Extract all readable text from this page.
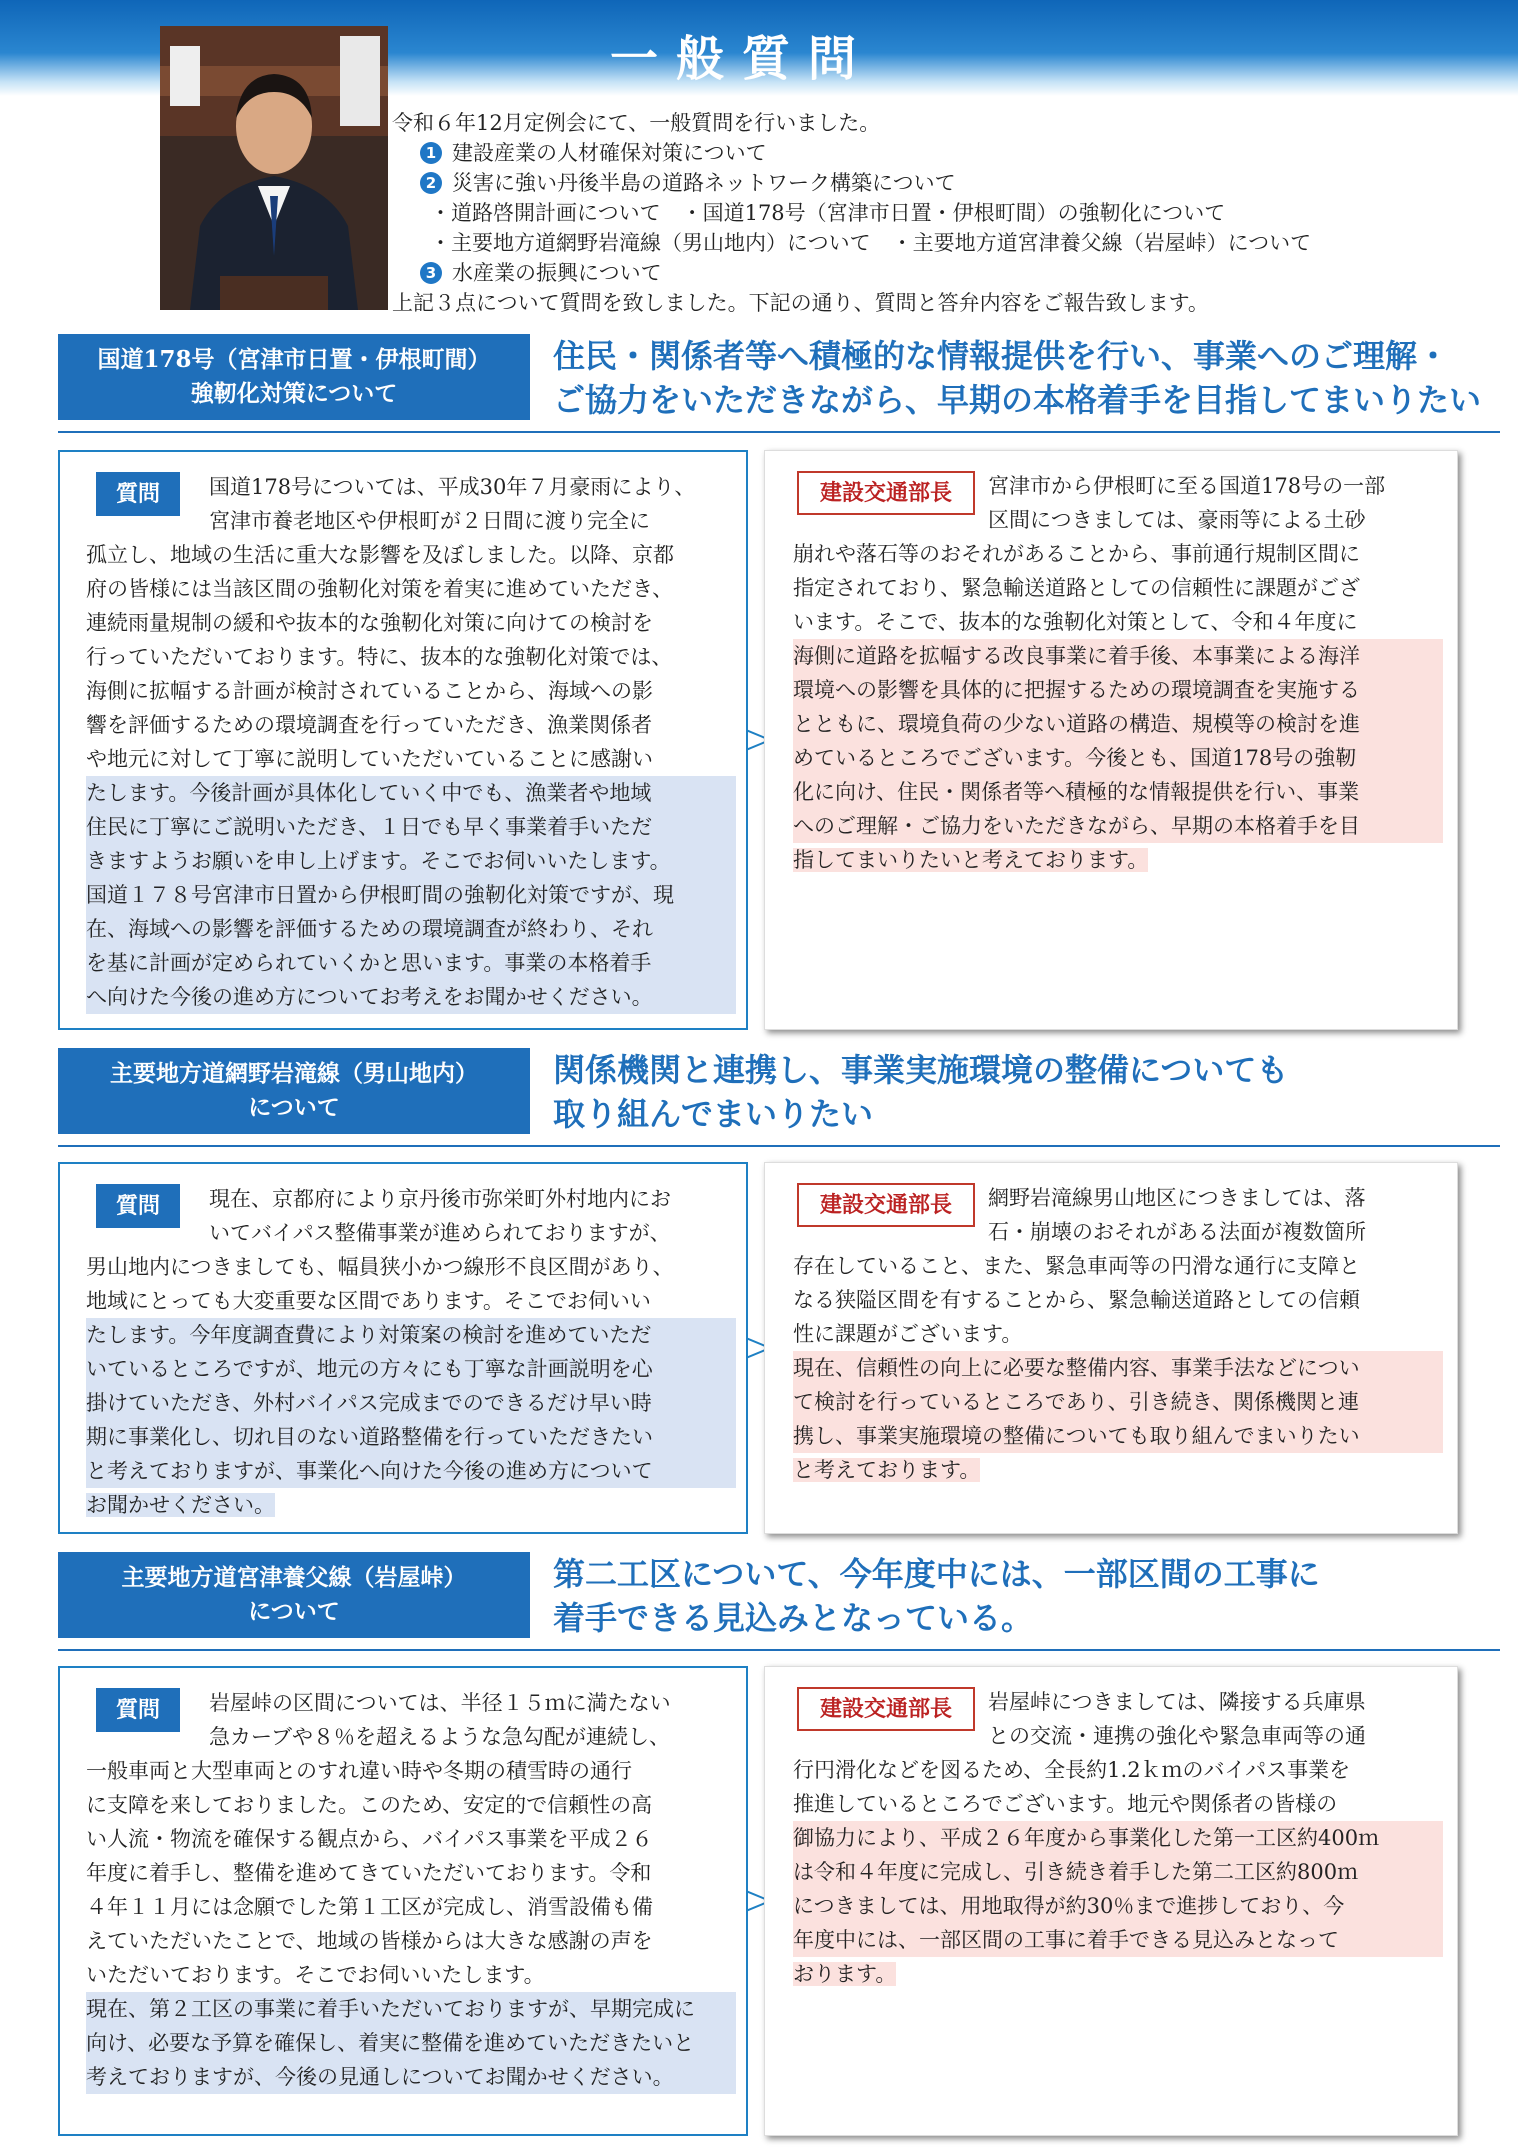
一般質問
令和６年12月定例会にて、一般質問を行いました。
1 建設産業の人材確保対策について
2 災害に強い丹後半島の道路ネットワーク構築について
・道路啓開計画について　・国道178号（宮津市日置・伊根町間）の強靭化について
・主要地方道網野岩滝線（男山地内）について　・主要地方道宮津養父線（岩屋峠）について
3 水産業の振興について
上記３点について質問を致しました。下記の通り、質問と答弁内容をご報告致します。
国道178号（宮津市日置・伊根町間）
強靭化対策について
住民・関係者等へ積極的な情報提供を行い、事業へのご理解・
ご協力をいただきながら、早期の本格着手を目指してまいりたい
質問	国道178号については、平成30年７月豪雨により、
宮津市養老地区や伊根町が２日間に渡り完全に
孤立し、地域の生活に重大な影響を及ぼしました。以降、京都
府の皆様には当該区間の強靭化対策を着実に進めていただき、
連続雨量規制の緩和や抜本的な強靭化対策に向けての検討を
行っていただいております。特に、抜本的な強靭化対策では、
海側に拡幅する計画が検討されていることから、海域への影
響を評価するための環境調査を行っていただき、漁業関係者
や地元に対して丁寧に説明していただいていることに感謝い
たします。今後計画が具体化していく中でも、漁業者や地域
住民に丁寧にご説明いただき、１日でも早く事業着手いただ
きますようお願いを申し上げます。そこでお伺いいたします。
国道１７８号宮津市日置から伊根町間の強靭化対策ですが、現
在、海域への影響を評価するための環境調査が終わり、それ
を基に計画が定められていくかと思います。事業の本格着手
へ向けた今後の進め方についてお考えをお聞かせください。
建設交通部長	宮津市から伊根町に至る国道178号の一部
区間につきましては、豪雨等による土砂
崩れや落石等のおそれがあることから、事前通行規制区間に
指定されており、緊急輸送道路としての信頼性に課題がござ
います。そこで、抜本的な強靭化対策として、令和４年度に
海側に道路を拡幅する改良事業に着手後、本事業による海洋
環境への影響を具体的に把握するための環境調査を実施する
とともに、環境負荷の少ない道路の構造、規模等の検討を進
めているところでございます。今後とも、国道178号の強靭
化に向け、住民・関係者等へ積極的な情報提供を行い、事業
へのご理解・ご協力をいただきながら、早期の本格着手を目
指してまいりたいと考えております。
主要地方道網野岩滝線（男山地内）
について
関係機関と連携し、事業実施環境の整備についても
取り組んでまいりたい
質問	現在、京都府により京丹後市弥栄町外村地内にお
いてバイパス整備事業が進められておりますが、
男山地内につきましても、幅員狭小かつ線形不良区間があり、
地域にとっても大変重要な区間であります。そこでお伺いい
たします。今年度調査費により対策案の検討を進めていただ
いているところですが、地元の方々にも丁寧な計画説明を心
掛けていただき、外村バイパス完成までのできるだけ早い時
期に事業化し、切れ目のない道路整備を行っていただきたい
と考えておりますが、事業化へ向けた今後の進め方について
お聞かせください。
建設交通部長	網野岩滝線男山地区につきましては、落
石・崩壊のおそれがある法面が複数箇所
存在していること、また、緊急車両等の円滑な通行に支障と
なる狭隘区間を有することから、緊急輸送道路としての信頼
性に課題がございます。
現在、信頼性の向上に必要な整備内容、事業手法などについ
て検討を行っているところであり、引き続き、関係機関と連
携し、事業実施環境の整備についても取り組んでまいりたい
と考えております。
主要地方道宮津養父線（岩屋峠）
について
第二工区について、今年度中には、一部区間の工事に
着手できる見込みとなっている。
質問	岩屋峠の区間については、半径１５ｍに満たない
急カーブや８％を超えるような急勾配が連続し、
一般車両と大型車両とのすれ違い時や冬期の積雪時の通行
に支障を来しておりました。このため、安定的で信頼性の高
い人流・物流を確保する観点から、バイパス事業を平成２６
年度に着手し、整備を進めてきていただいております。令和
４年１１月には念願でした第１工区が完成し、消雪設備も備
えていただいたことで、地域の皆様からは大きな感謝の声を
いただいております。そこでお伺いいたします。
現在、第２工区の事業に着手いただいておりますが、早期完成に
向け、必要な予算を確保し、着実に整備を進めていただきたいと
考えておりますが、今後の見通しについてお聞かせください。
建設交通部長	岩屋峠につきましては、隣接する兵庫県
との交流・連携の強化や緊急車両等の通
行円滑化などを図るため、全長約1.2ｋｍのバイパス事業を
推進しているところでございます。地元や関係者の皆様の
御協力により、平成２６年度から事業化した第一工区約400ｍ
は令和４年度に完成し、引き続き着手した第二工区約800ｍ
につきましては、用地取得が約30％まで進捗しており、今
年度中には、一部区間の工事に着手できる見込みとなって
おります。
